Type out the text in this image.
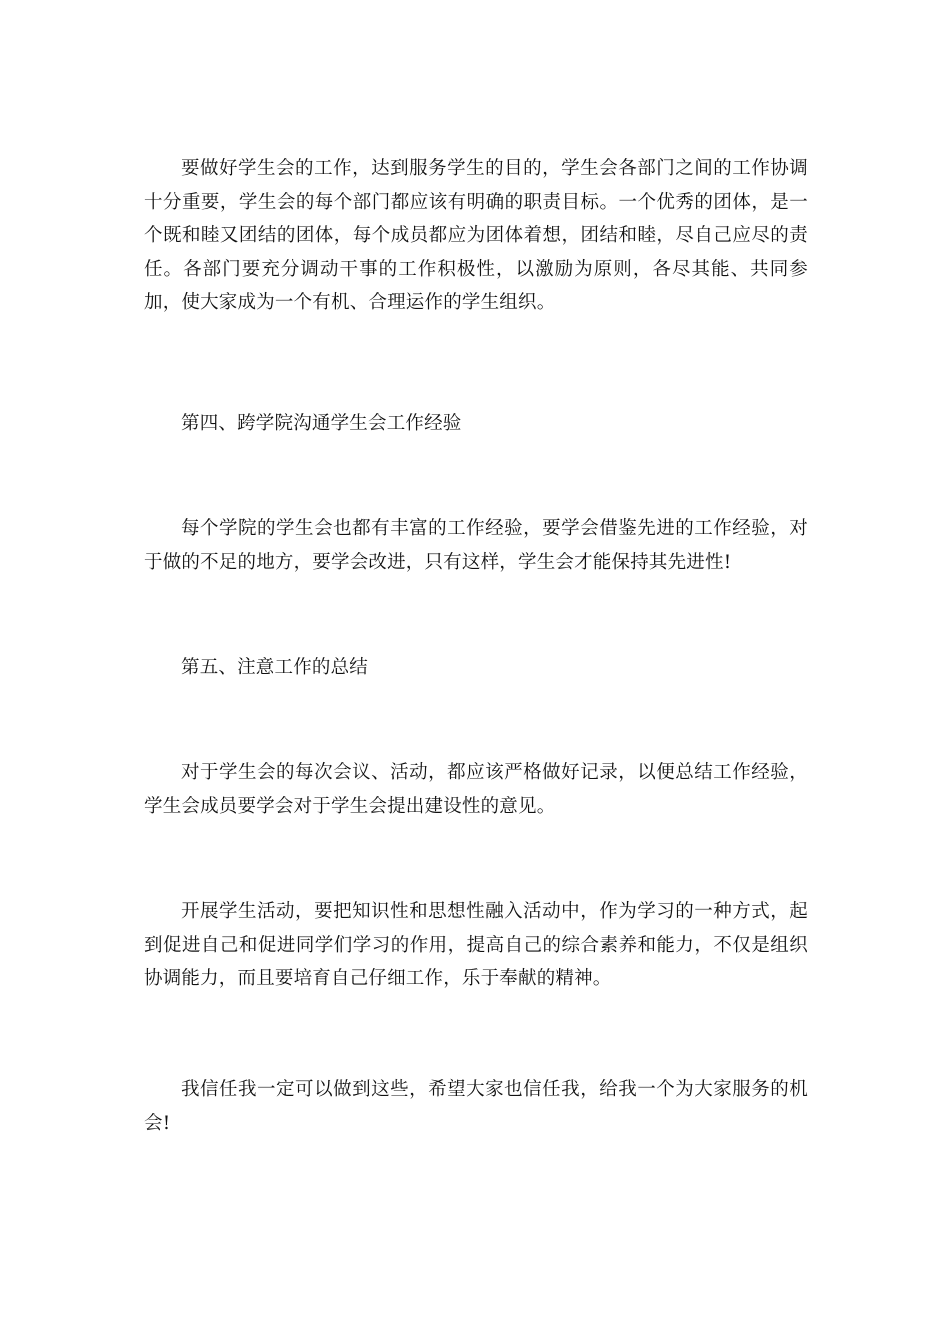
要做好学生会的工作，达到服务学生的目的，学生会各部门之间的工作协调十分重要，学生会的每个部门都应该有明确的职责目标。一个优秀的团体，是一个既和睦又团结的团体，每个成员都应为团体着想，团结和睦，尽自己应尽的责任。各部门要充分调动干事的工作积极性，以激励为原则，各尽其能、共同参加，使大家成为一个有机、合理运作的学生组织。

第四、跨学院沟通学生会工作经验

每个学院的学生会也都有丰富的工作经验，要学会借鉴先进的工作经验，对于做的不足的地方，要学会改进，只有这样，学生会才能保持其先进性!

第五、注意工作的总结

对于学生会的每次会议、活动，都应该严格做好记录，以便总结工作经验，学生会成员要学会对于学生会提出建设性的意见。

开展学生活动，要把知识性和思想性融入活动中，作为学习的一种方式，起到促进自己和促进同学们学习的作用，提高自己的综合素养和能力，不仅是组织协调能力，而且要培育自己仔细工作，乐于奉献的精神。

我信任我一定可以做到这些，希望大家也信任我，给我一个为大家服务的机会!
